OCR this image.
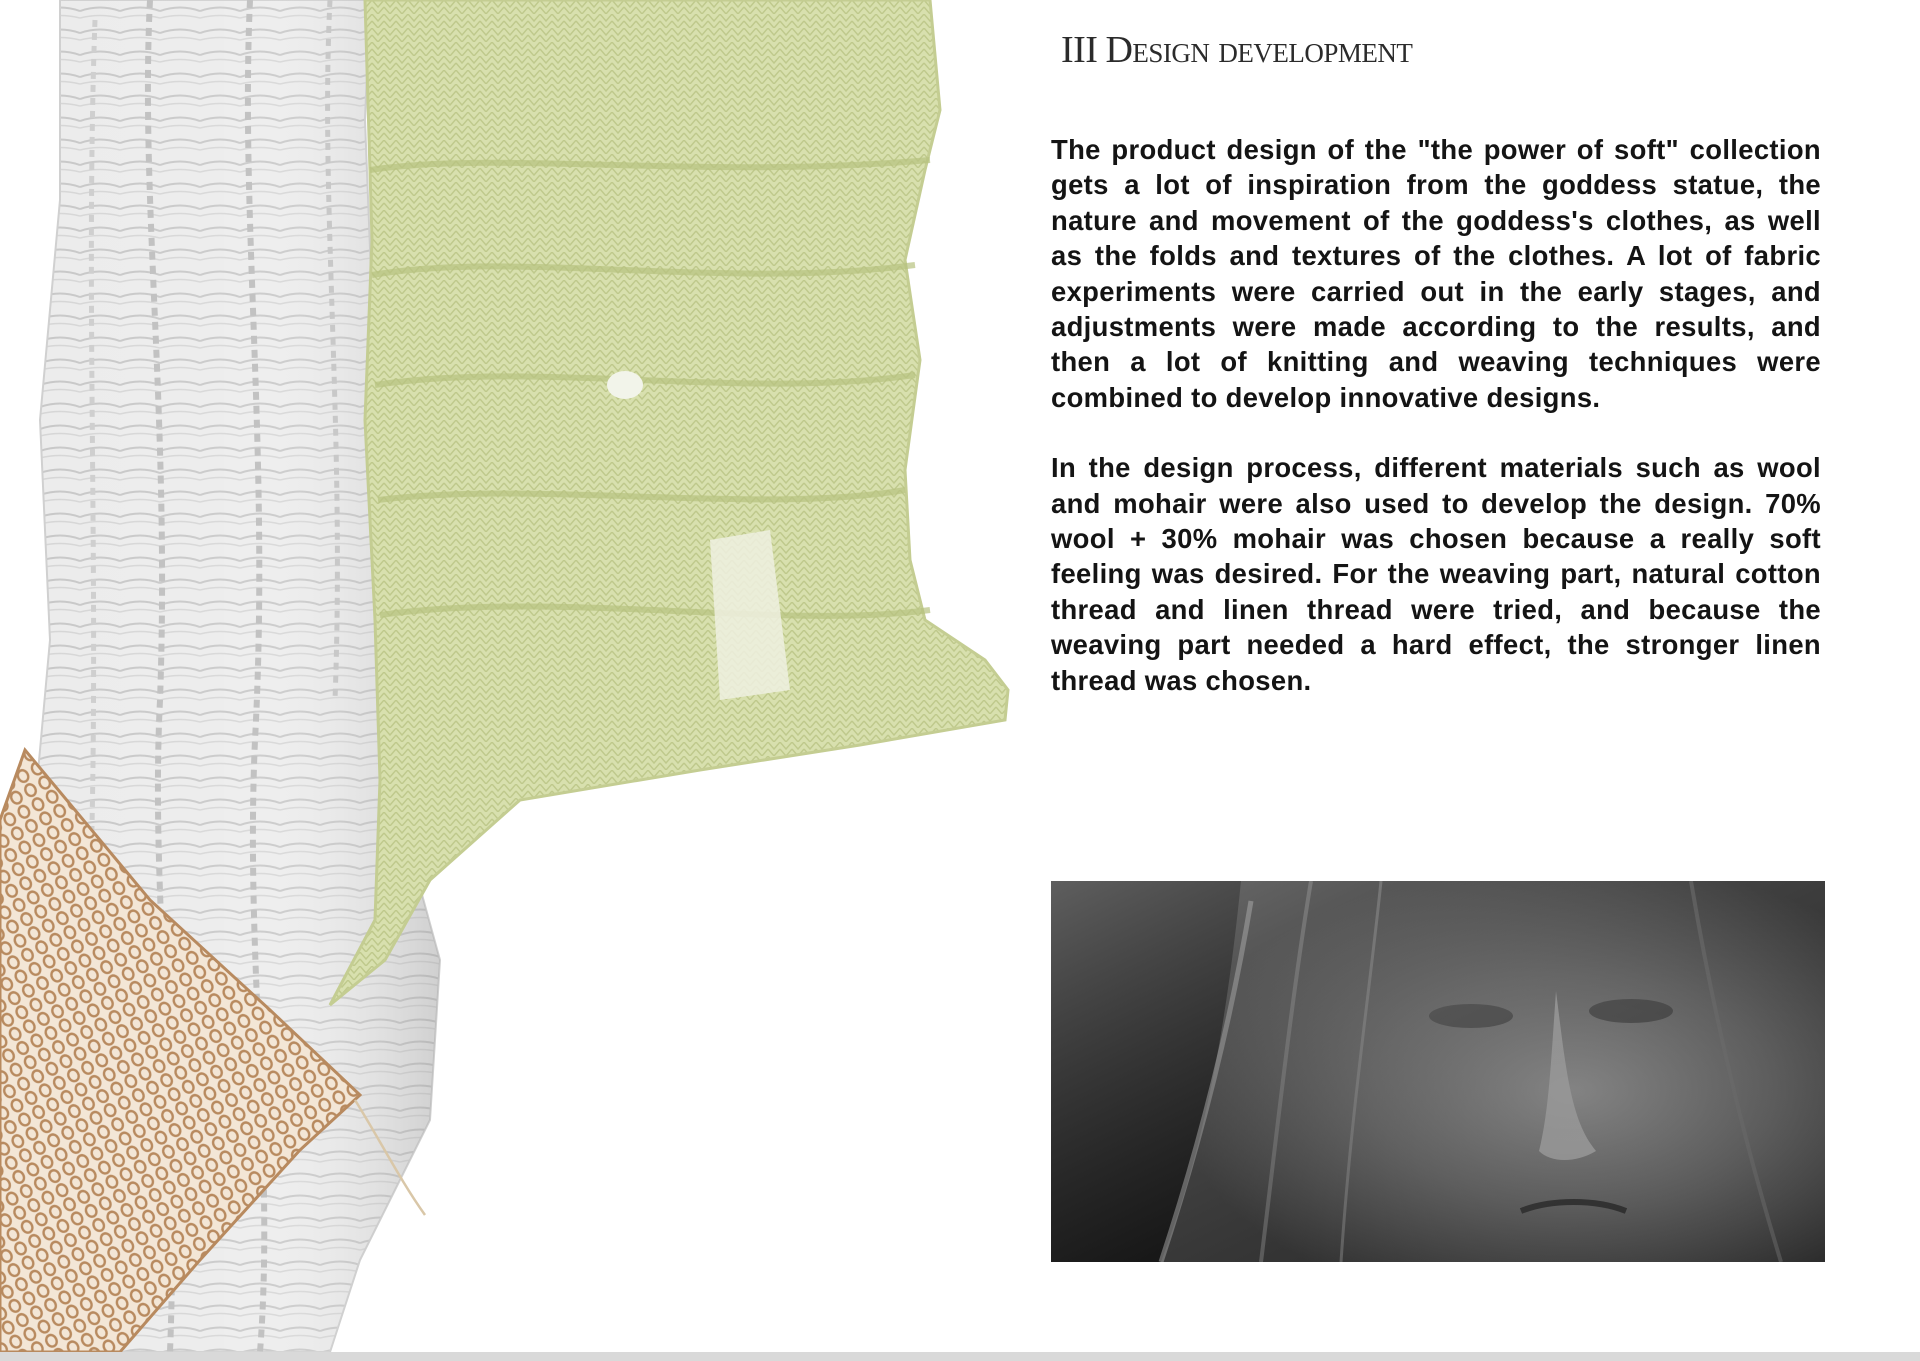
III Design development

The product design of the "the power of soft" collection gets a lot of inspiration from the goddess statue, the nature and movement of the goddess's clothes, as well as the folds and textures of the clothes. A lot of fabric experiments were carried out in the early stages, and adjustments were made according to the results, and then a lot of knitting and weaving techniques were combined to develop innovative designs.

In the design process, different materials such as wool and mohair were also used to develop the design. 70% wool + 30% mohair was chosen because a really soft feeling was desired. For the weaving part, natural cotton thread and linen thread were tried, and because the weaving part needed a hard effect, the stronger linen thread was chosen.
